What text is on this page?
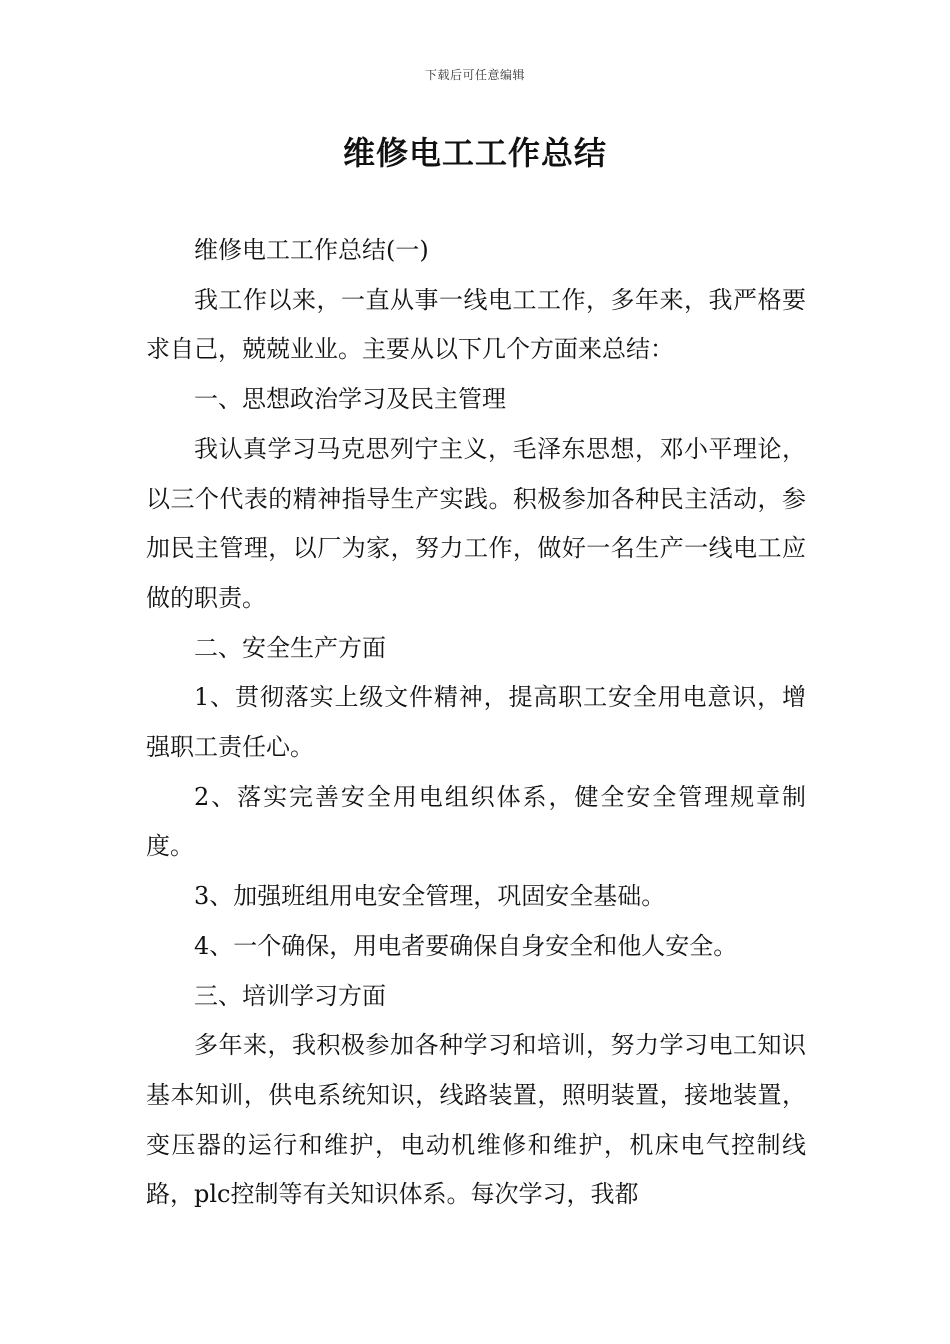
下载后可任意编辑
维修电工工作总结

维修电工工作总结(一)

我工作以来，一直从事一线电工工作，多年来，我严格要求自己，兢兢业业。主要从以下几个方面来总结：

一、思想政治学习及民主管理

我认真学习马克思列宁主义，毛泽东思想，邓小平理论，以三个代表的精神指导生产实践。积极参加各种民主活动，参加民主管理，以厂为家，努力工作，做好一名生产一线电工应做的职责。

二、安全生产方面

1、贯彻落实上级文件精神，提高职工安全用电意识，增强职工责任心。

2、落实完善安全用电组织体系，健全安全管理规章制度。

3、加强班组用电安全管理，巩固安全基础。

4、一个确保，用电者要确保自身安全和他人安全。

三、培训学习方面

多年来，我积极参加各种学习和培训，努力学习电工知识基本知训，供电系统知识，线路装置，照明装置，接地装置，变压器的运行和维护，电动机维修和维护，机床电气控制线路，plc控制等有关知识体系。每次学习，我都
